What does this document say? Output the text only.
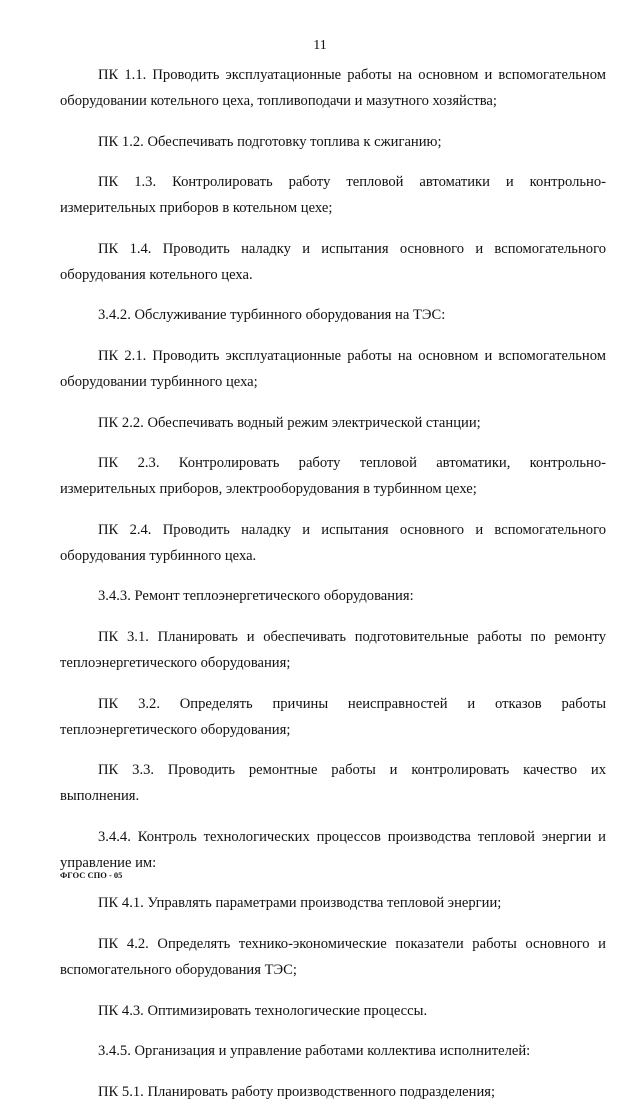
11

ПК 1.1. Проводить эксплуатационные работы на основном и вспомогательном оборудовании котельного цеха, топливоподачи и мазутного хозяйства;

ПК 1.2. Обеспечивать подготовку топлива к сжиганию;

ПК 1.3. Контролировать работу тепловой автоматики и контрольно-измерительных приборов в котельном цехе;

ПК 1.4. Проводить наладку и испытания основного и вспомогательного оборудования котельного цеха.

3.4.2. Обслуживание турбинного оборудования на ТЭС:

ПК 2.1. Проводить эксплуатационные работы на основном и вспомогательном оборудовании турбинного цеха;

ПК 2.2. Обеспечивать водный режим электрической станции;

ПК 2.3. Контролировать работу тепловой автоматики, контрольно-измерительных приборов, электрооборудования в турбинном цехе;

ПК 2.4. Проводить наладку и испытания основного и вспомогательного оборудования турбинного цеха.

3.4.3. Ремонт теплоэнергетического оборудования:

ПК 3.1. Планировать и обеспечивать подготовительные работы по ремонту теплоэнергетического оборудования;

ПК 3.2. Определять причины неисправностей и отказов работы теплоэнергетического оборудования;

ПК 3.3. Проводить ремонтные работы и контролировать качество их выполнения.

3.4.4. Контроль технологических процессов производства тепловой энергии и управление им:

ПК 4.1. Управлять параметрами производства тепловой энергии;

ПК 4.2. Определять технико-экономические показатели работы основного и вспомогательного оборудования ТЭС;

ПК 4.3. Оптимизировать технологические процессы.

3.4.5. Организация и управление работами коллектива исполнителей:

ПК 5.1. Планировать работу производственного подразделения;

ФГОС СПО - 05
